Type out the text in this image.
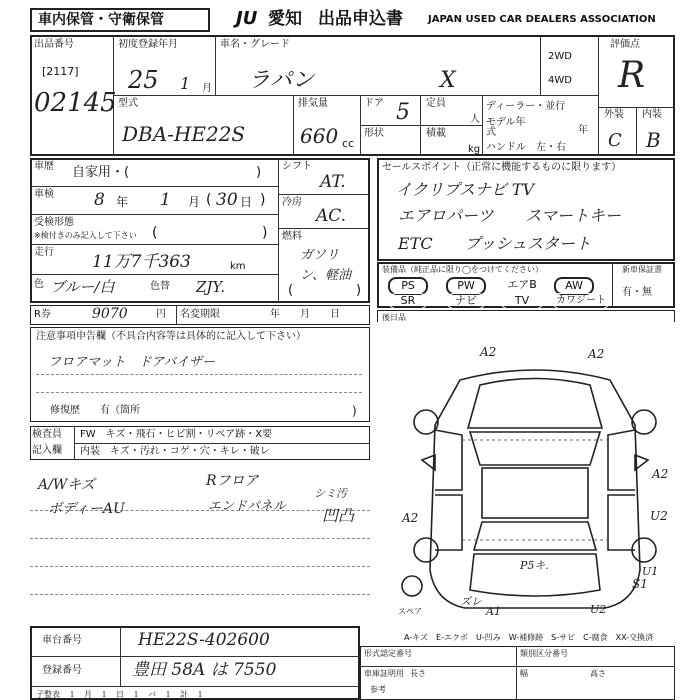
車内保管・守衛保管	JU 愛知 出品申込書	JAPAN USED CAR DEALERS ASSOCIATION
出品番号
[2117]
02145
初度登録年月
25 1 月
車名・グレード
ラパン	X
2WD
4WD
評価点
R
外装 内装
C B
型式
DBA-HE22S
排気量
660 cc
ドア 5
形状
定員
人
積載
kg
ディーラー・並行
モデル年式	年
ハンドル　左・右
車歴 自家用・(	)
車検 8 年 1 月 ( 30 日 )
受検形態
※検付きのみ記入して下さい (	)
走行 11万7千363	km
色 ブルー/白	色替 ZJY.
シフト
AT.
冷房
AC.
燃料
ガソリン、軽油
(	)
セールスポイント（正常に機能するものに限ります）
イクリプスナビ TV
エアロパーツ　　スマートキー
ETC　　プッシュスタート
装備品（純正品に限り◯をつけてください）
PS	PW	エアB	AW
SR	ナビ	TV	カワジート
新車保証書
有・無
R券	9070	円 名変期限	年　　月　　日
注意事項申告欄（不具合内容等は具体的に記入して下さい）
フロアマット　ドアバイザー
修復歴　　有（箇所	)
後日品
検査員
記入欄
FW　キズ・飛石・ヒビ割・リペア跡・X要
内装　キズ・汚れ・コゲ・穴・キレ・破レ
A/Wキズ
ボディーAU
Rフロア
エンドパネル
シミ汚
凹凸
A2	A2
A2
A2	U2
U1
S1
P5キ.
A1
ズレ
U2
スペア
車台番号	HE22S-402600
登録番号	豊田 58A は 7550
子整表　１　月　１　日　１　バ　１　計　１
A-キズ　E-エクボ　U-凹み　W-補修跡　S-サビ　C-腐食　XX-交換済
形式認定番号	類別区分番号
車庫証明用 長さ	幅	高さ
参考
